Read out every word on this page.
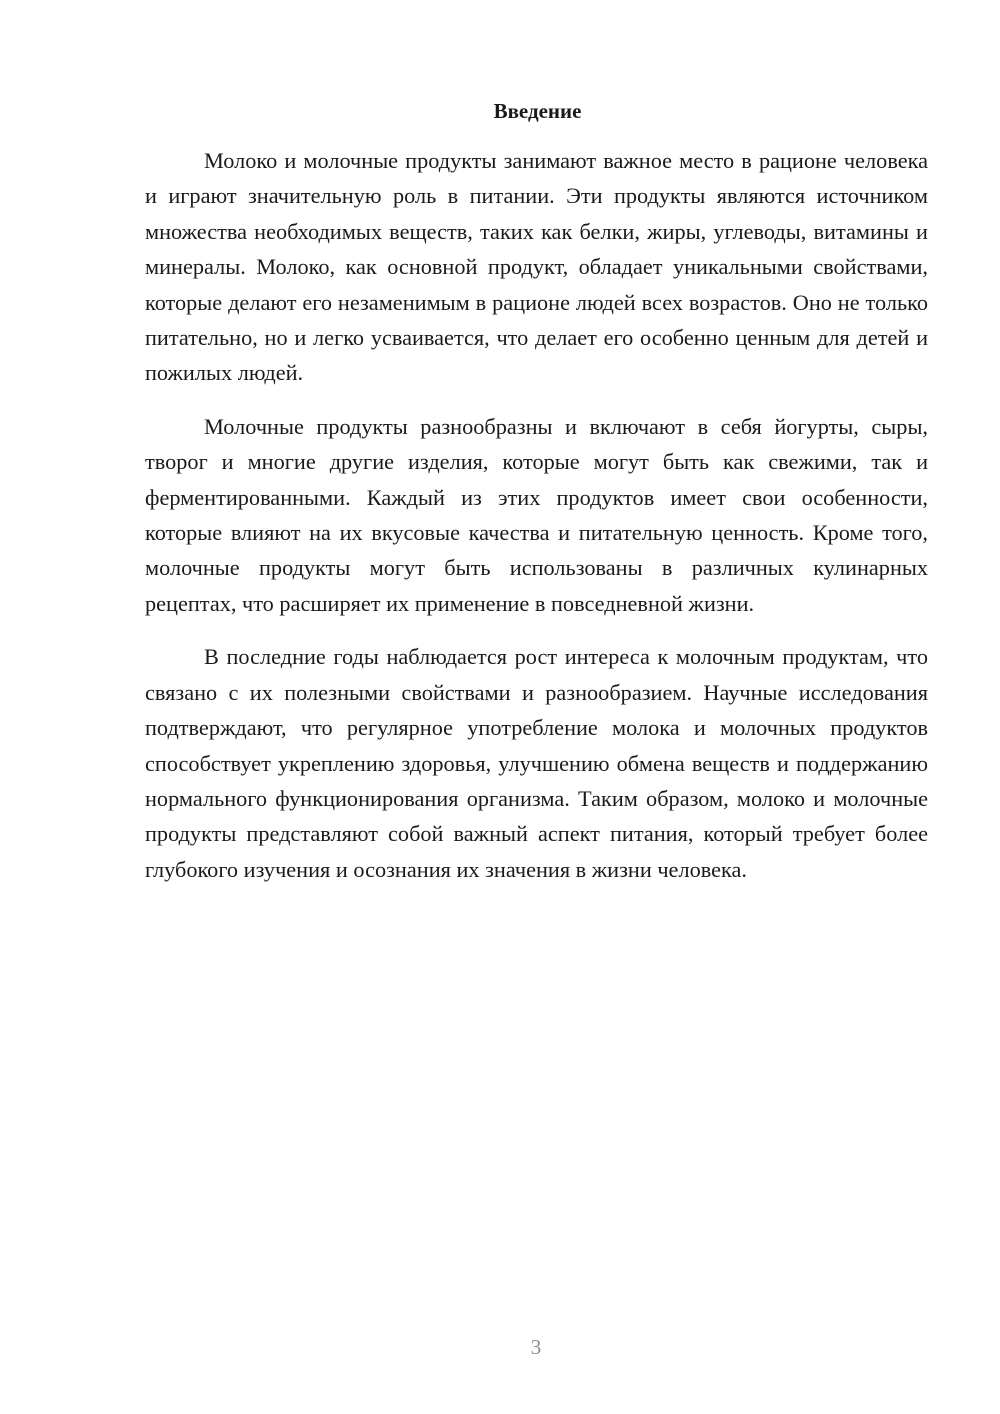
Введение

Молоко и молочные продукты занимают важное место в рационе человека и играют значительную роль в питании. Эти продукты являются источником множества необходимых веществ, таких как белки, жиры, углеводы, витамины и минералы. Молоко, как основной продукт, обладает уникальными свойствами, которые делают его незаменимым в рационе людей всех возрастов. Оно не только питательно, но и легко усваивается, что делает его особенно ценным для детей и пожилых людей.

Молочные продукты разнообразны и включают в себя йогурты, сыры, творог и многие другие изделия, которые могут быть как свежими, так и ферментированными. Каждый из этих продуктов имеет свои особенности, которые влияют на их вкусовые качества и питательную ценность. Кроме того, молочные продукты могут быть использованы в различных кулинарных рецептах, что расширяет их применение в повседневной жизни.

В последние годы наблюдается рост интереса к молочным продуктам, что связано с их полезными свойствами и разнообразием. Научные исследования подтверждают, что регулярное употребление молока и молочных продуктов способствует укреплению здоровья, улучшению обмена веществ и поддержанию нормального функционирования организма. Таким образом, молоко и молочные продукты представляют собой важный аспект питания, который требует более глубокого изучения и осознания их значения в жизни человека.

3
